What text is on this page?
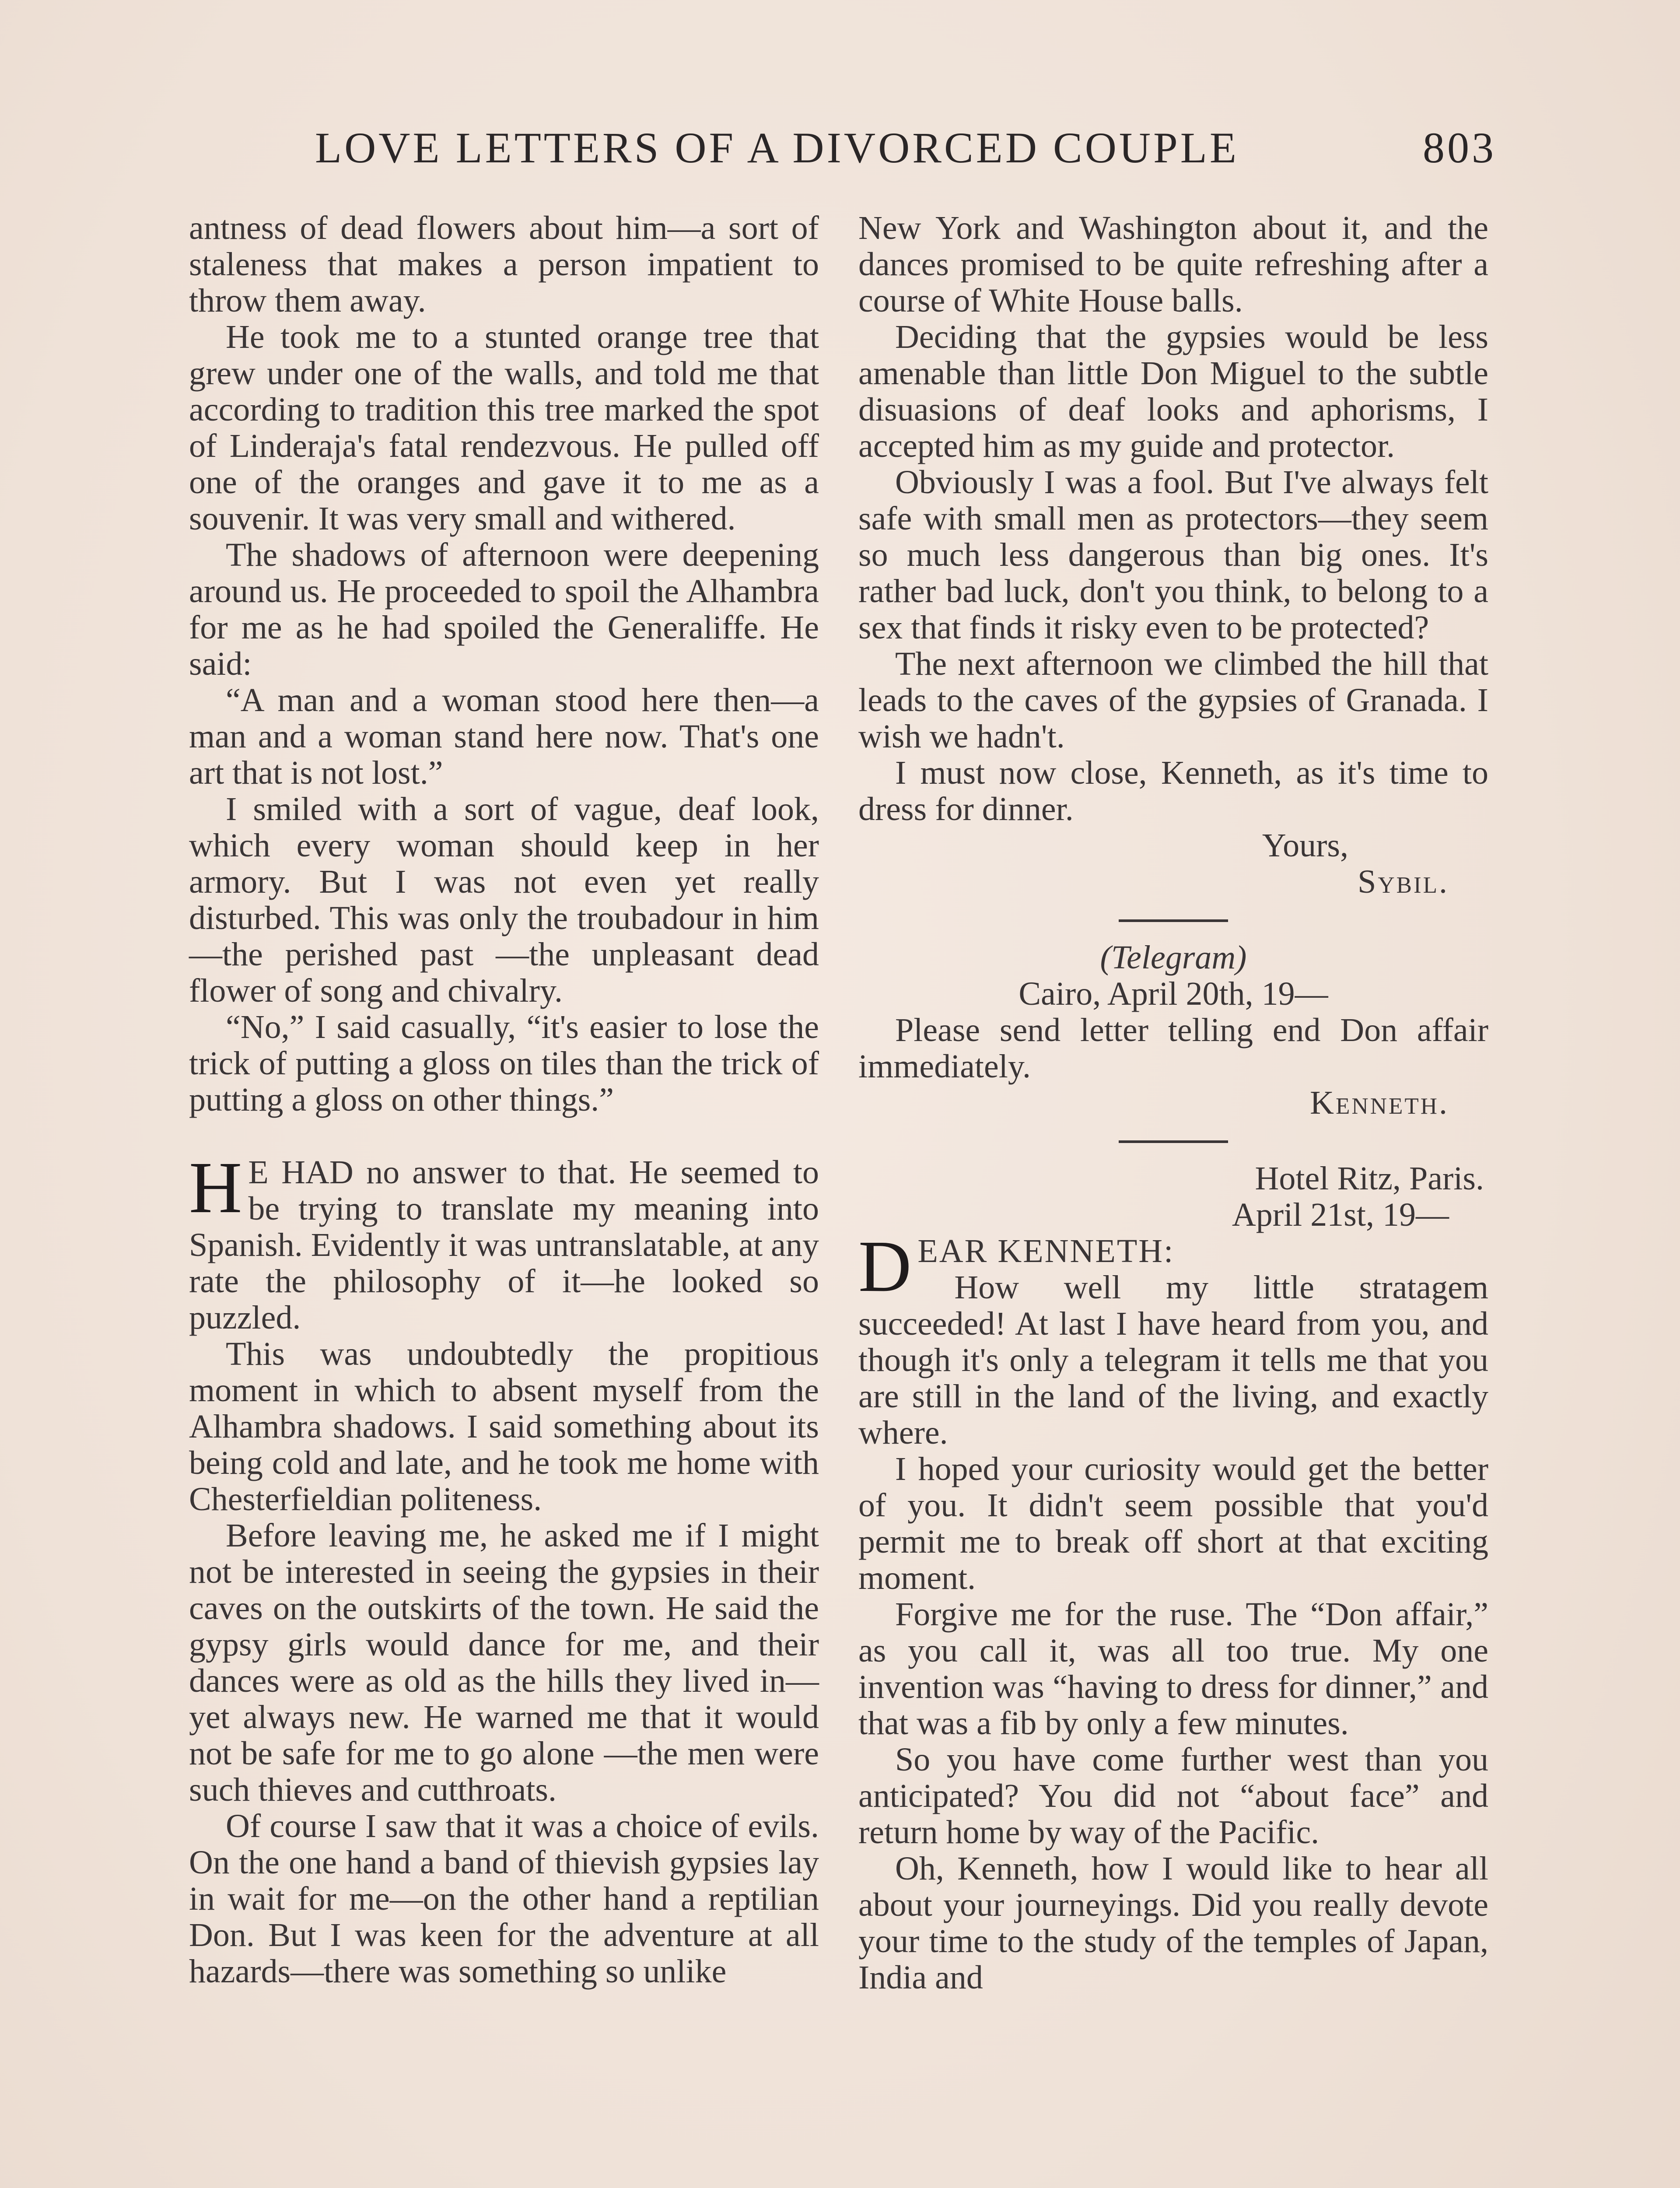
LOVE LETTERS OF A DIVORCED COUPLE	803

antness of dead flowers about him—a sort of staleness that makes a person impatient to throw them away.

He took me to a stunted orange tree that grew under one of the walls, and told me that according to tradition this tree marked the spot of Linderaja's fatal rendezvous. He pulled off one of the oranges and gave it to me as a souvenir. It was very small and withered.

The shadows of afternoon were deepening around us. He proceeded to spoil the Alhambra for me as he had spoiled the Generaliffe. He said:

“A man and a woman stood here then—a man and a woman stand here now. That's one art that is not lost.”

I smiled with a sort of vague, deaf look, which every woman should keep in her armory. But I was not even yet really disturbed. This was only the troubadour in him—the perished past —the unpleasant dead flower of song and chivalry.

“No,” I said casually, “it's easier to lose the trick of putting a gloss on tiles than the trick of putting a gloss on other things.”

H E HAD no answer to that. He seemed to be trying to translate my meaning into Spanish. Evidently it was untranslatable, at any rate the philosophy of it—he looked so puzzled.

This was undoubtedly the propitious moment in which to absent myself from the Alhambra shadows. I said something about its being cold and late, and he took me home with Chesterfieldian politeness.

Before leaving me, he asked me if I might not be interested in seeing the gypsies in their caves on the outskirts of the town. He said the gypsy girls would dance for me, and their dances were as old as the hills they lived in—yet always new. He warned me that it would not be safe for me to go alone —the men were such thieves and cutthroats.

Of course I saw that it was a choice of evils. On the one hand a band of thievish gypsies lay in wait for me—on the other hand a reptilian Don. But I was keen for the adventure at all hazards—there was something so unlike

New York and Washington about it, and the dances promised to be quite refreshing after a course of White House balls.

Deciding that the gypsies would be less amenable than little Don Miguel to the subtle disuasions of deaf looks and aphorisms, I accepted him as my guide and protector.

Obviously I was a fool. But I've always felt safe with small men as protectors—they seem so much less dangerous than big ones. It's rather bad luck, don't you think, to belong to a sex that finds it risky even to be protected?

The next afternoon we climbed the hill that leads to the caves of the gypsies of Granada. I wish we hadn't.

I must now close, Kenneth, as it's time to dress for dinner.

Yours,

Sybil.

(Telegram)

Cairo, April 20th, 19—

Please send letter telling end Don affair immediately.

Kenneth.

Hotel Ritz, Paris.

April 21st, 19—

DEAR KENNETH:

How well my little stratagem succeeded! At last I have heard from you, and though it's only a telegram it tells me that you are still in the land of the living, and exactly where.

I hoped your curiosity would get the better of you. It didn't seem possible that you'd permit me to break off short at that exciting moment.

Forgive me for the ruse. The “Don affair,” as you call it, was all too true. My one invention was “having to dress for dinner,” and that was a fib by only a few minutes.

So you have come further west than you anticipated? You did not “about face” and return home by way of the Pacific.

Oh, Kenneth, how I would like to hear all about your journeyings. Did you really devote your time to the study of the temples of Japan, India and
